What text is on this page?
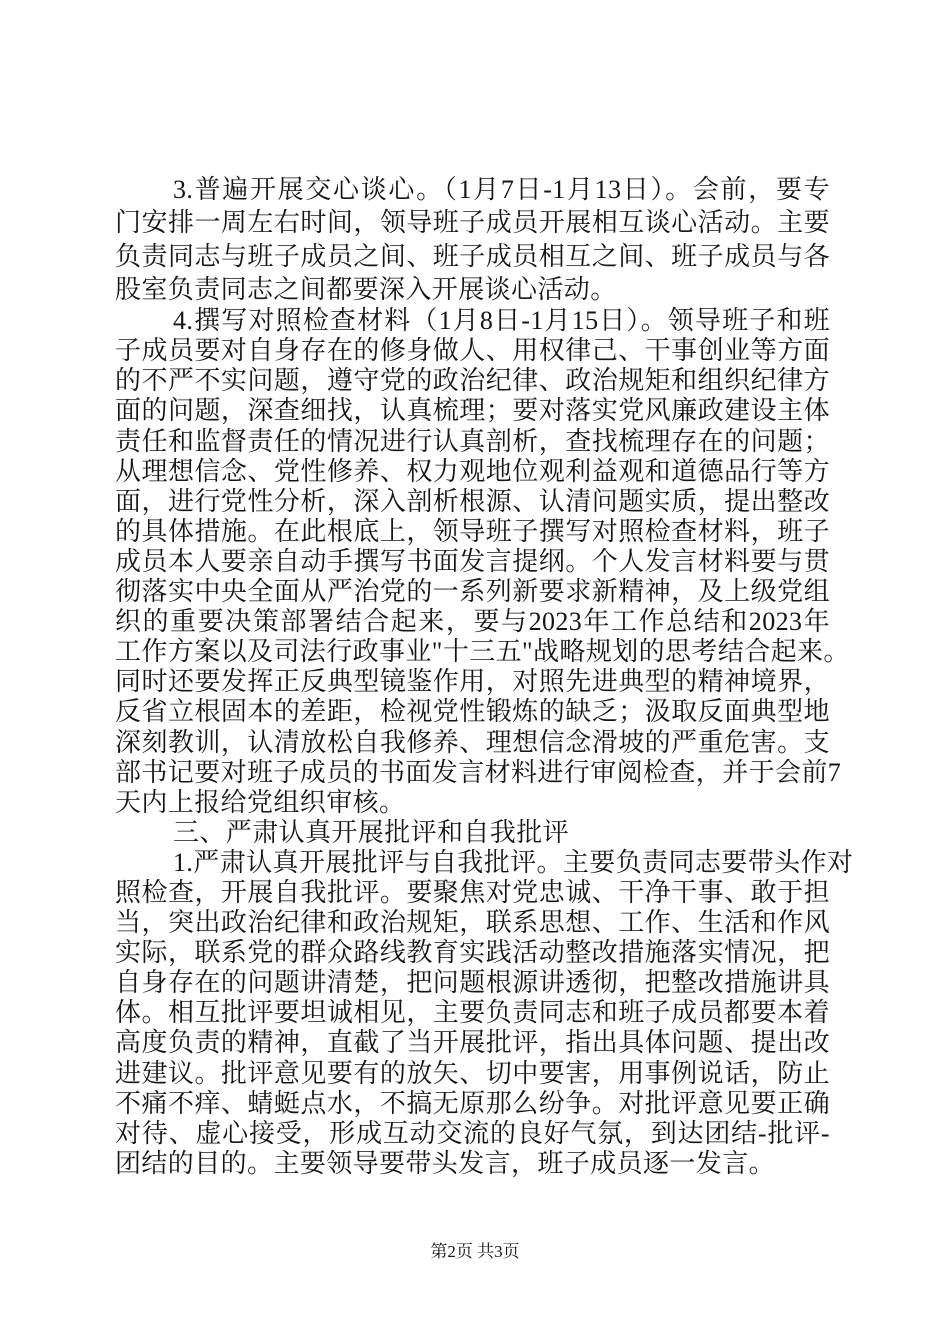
3.普遍开展交心谈心。（1月7日-1月13日）。会前，要专
门安排一周左右时间，领导班子成员开展相互谈心活动。主要
负责同志与班子成员之间、班子成员相互之间、班子成员与各
股室负责同志之间都要深入开展谈心活动。
4.撰写对照检查材料（1月8日-1月15日）。领导班子和班
子成员要对自身存在的修身做人、用权律己、干事创业等方面
的不严不实问题，遵守党的政治纪律、政治规矩和组织纪律方
面的问题，深查细找，认真梳理；要对落实党风廉政建设主体
责任和监督责任的情况进行认真剖析，查找梳理存在的问题；
从理想信念、党性修养、权力观地位观利益观和道德品行等方
面，进行党性分析，深入剖析根源、认清问题实质，提出整改
的具体措施。在此根底上，领导班子撰写对照检查材料，班子
成员本人要亲自动手撰写书面发言提纲。个人发言材料要与贯
彻落实中央全面从严治党的一系列新要求新精神，及上级党组
织的重要决策部署结合起来，要与2023年工作总结和2023年
工作方案以及司法行政事业"十三五"战略规划的思考结合起来。
同时还要发挥正反典型镜鉴作用，对照先进典型的精神境界，
反省立根固本的差距，检视党性锻炼的缺乏；汲取反面典型地
深刻教训，认清放松自我修养、理想信念滑坡的严重危害。支
部书记要对班子成员的书面发言材料进行审阅检查，并于会前7
天内上报给党组织审核。
三、严肃认真开展批评和自我批评
1.严肃认真开展批评与自我批评。主要负责同志要带头作对
照检查，开展自我批评。要聚焦对党忠诚、干净干事、敢于担
当，突出政治纪律和政治规矩，联系思想、工作、生活和作风
实际，联系党的群众路线教育实践活动整改措施落实情况，把
自身存在的问题讲清楚，把问题根源讲透彻，把整改措施讲具
体。相互批评要坦诚相见，主要负责同志和班子成员都要本着
高度负责的精神，直截了当开展批评，指出具体问题、提出改
进建议。批评意见要有的放矢、切中要害，用事例说话，防止
不痛不痒、蜻蜓点水，不搞无原那么纷争。对批评意见要正确
对待、虚心接受，形成互动交流的良好气氛，到达团结-批评-
团结的目的。主要领导要带头发言，班子成员逐一发言。
第2页 共3页
